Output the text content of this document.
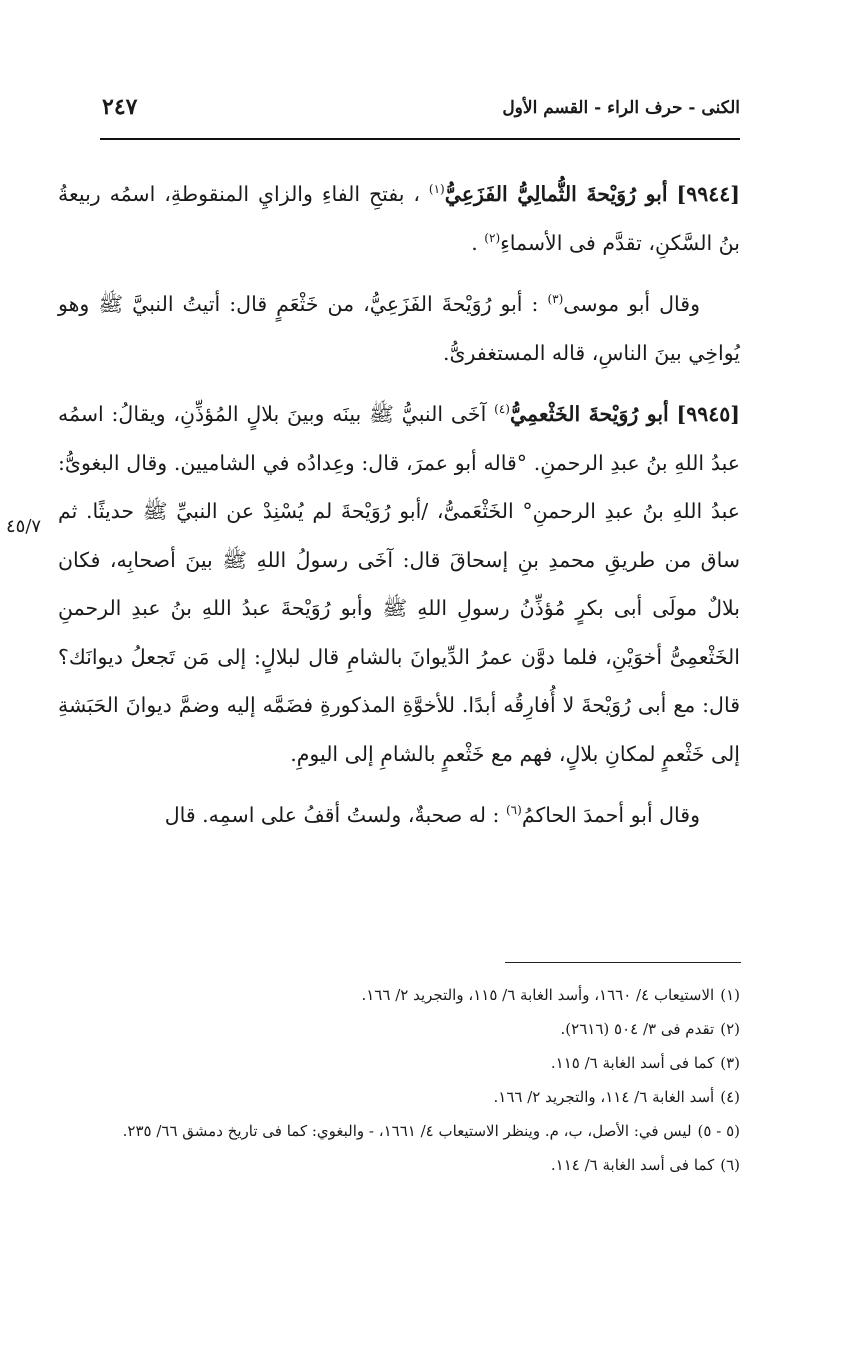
الكنى - حرف الراء - القسم الأول
٢٤٧
٤٥/٧

[٩٩٤٤] أبو رُوَيْحةَ الثُّمالِيُّ الفَزَعِيُّ$^{(١)}$ ، بفتحِ الفاءِ والزايِ المنقوطةِ، اسمُه ربيعةُ بنُ السَّكنِ، تقدَّم فى الأسماءِ$^{(٢)}$ .

وقال أبو موسى$^{(٣)}$ : أبو رُوَيْحةَ الفَزَعِيُّ، من خَثْعَمٍ قال: أتيتُ النبيَّ ﷺ وهو يُواخِي بينَ الناسِ، قاله المستغفرىُّ.

[٩٩٤٥] أبو رُوَيْحةَ الخَثْعمِيُّ$^{(٤)}$ آخَى النبيُّ ﷺ بينَه وبينَ بلالٍ المُؤذِّنِ، ويقالُ: اسمُه عبدُ اللهِ بنُ عبدِ الرحمنِ. °قاله أبو عمرَ، قال: وعِدادُه في الشاميين. وقال البغوىُّ: عبدُ اللهِ بنُ عبدِ الرحمنِ° الخَثْعَمىُّ، /أبو رُوَيْحةَ لم يُسْنِدْ عن النبيِّ ﷺ حديثًا. ثم ساق من طريقِ محمدِ بنِ إسحاقَ قال: آخَى رسولُ اللهِ ﷺ بينَ أصحابِه، فكان بلالٌ مولَى أبى بكرٍ مُؤذِّنُ رسولِ اللهِ ﷺ وأبو رُوَيْحةَ عبدُ اللهِ بنُ عبدِ الرحمنِ الخَثْعمِىُّ أخوَيْنِ، فلما دوَّن عمرُ الدِّيوانَ بالشامِ قال لبلالٍ: إلى مَن تَجعلُ ديوانَك؟ قال: مع أبى رُوَيْحةَ لا أُفارِقُه أبدًا. للأخوَّةِ المذكورةِ فضَمَّه إليه وضمَّ ديوانَ الحَبَشةِ إلى خَثْعمٍ لمكانِ بلالٍ، فهم مع خَثْعمٍ بالشامِ إلى اليومِ.

وقال أبو أحمدَ الحاكمُ$^{(٦)}$ : له صحبةٌ، ولستُ أقفُ على اسمِه. قال

(١)الاستيعاب ٤/ ١٦٦٠، وأسد الغابة ٦/ ١١٥، والتجريد ٢/ ١٦٦.

(٢)تقدم فى ٣/ ٥٠٤ (٢٦١٦).

(٣)كما فى أسد الغابة ٦/ ١١٥.

(٤)أسد الغابة ٦/ ١١٤، والتجريد ٢/ ١٦٦.

(٥ - ٥)ليس في: الأصل، ب، م. وينظر الاستيعاب ٤/ ١٦٦١، - والبغوي: كما فى تاريخ دمشق ٦٦/ ٢٣٥.

(٦)كما فى أسد الغابة ٦/ ١١٤.
